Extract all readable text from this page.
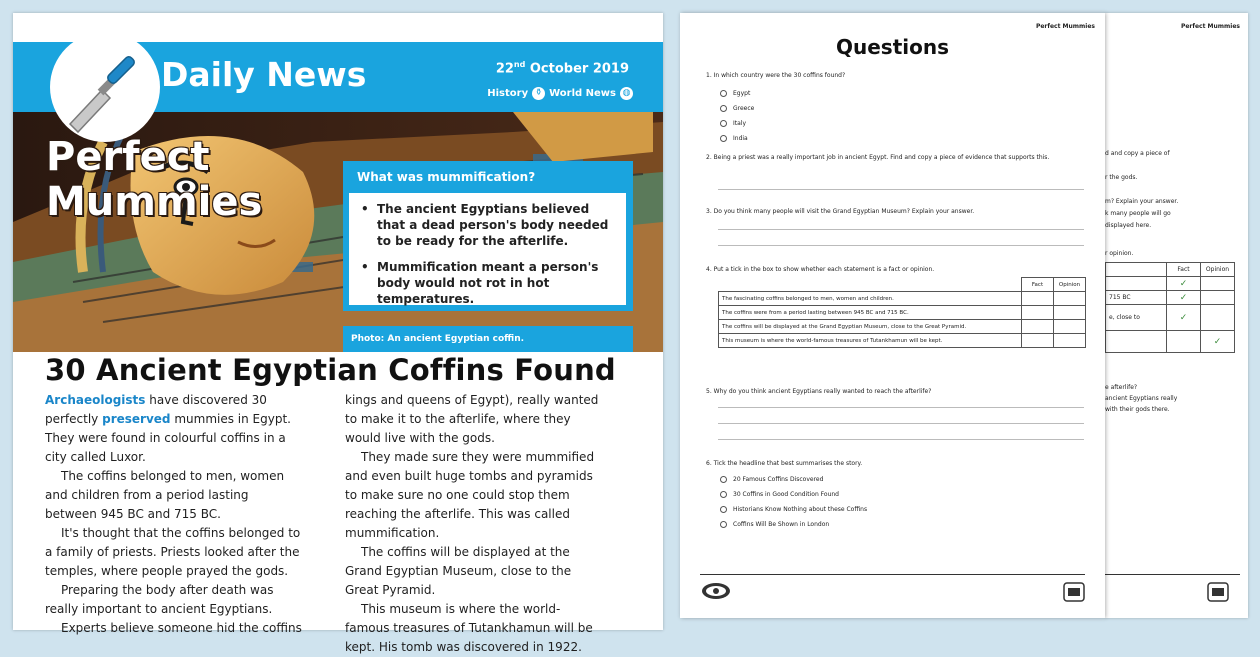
Daily News	22nd October 2019
History ⚱ World News ◍
Perfect
Mummies
What was mummification?
• The ancient Egyptians believed that a dead person's body needed to be ready for the afterlife.
• Mummification meant a person's body would not rot in hot temperatures.
Photo: An ancient Egyptian coffin.
30 Ancient Egyptian Coffins Found

Archaeologists have discovered 30 perfectly preserved mummies in Egypt. They were found in colourful coffins in a city called Luxor.

The coffins belonged to men, women and children from a period lasting between 945 BC and 715 BC.

It's thought that the coffins belonged to a family of priests. Priests looked after the temples, where people prayed the gods.

Preparing the body after death was really important to ancient Egyptians.

Experts believe someone hid the coffins

kings and queens of Egypt), really wanted to make it to the afterlife, where they would live with the gods.

They made sure they were mummified and even built huge tombs and pyramids to make sure no one could stop them reaching the afterlife. This was called mummification.

The coffins will be displayed at the Grand Egyptian Museum, close to the Great Pyramid.

This museum is where the world-famous treasures of Tutankhamun will be kept. His tomb was discovered in 1922.

Perfect Mummies
d and copy a piece of
r the gods.
m? Explain your answer.
k many people will go
displayed here.
r opinion.
	Fact	Opinion
	✓	
715 BC	✓	
e, close to	✓	
		✓
e afterlife?
ancient Egyptians really
with their gods there.
Perfect Mummies
Questions
1. In which country were the 30 coffins found?
Egypt
Greece
Italy
India
2. Being a priest was a really important job in ancient Egypt. Find and copy a piece of evidence that supports this.
3. Do you think many people will visit the Grand Egyptian Museum? Explain your answer.
4. Put a tick in the box to show whether each statement is a fact or opinion.
	Fact	Opinion
The fascinating coffins belonged to men, women and children.		
The coffins were from a period lasting between 945 BC and 715 BC.		
The coffins will be displayed at the Grand Egyptian Museum, close to the Great Pyramid.		
This museum is where the world-famous treasures of Tutankhamun will be kept.		
5. Why do you think ancient Egyptians really wanted to reach the afterlife?
6. Tick the headline that best summarises the story.
20 Famous Coffins Discovered
30 Coffins in Good Condition Found
Historians Know Nothing about these Coffins
Coffins Will Be Shown in London
